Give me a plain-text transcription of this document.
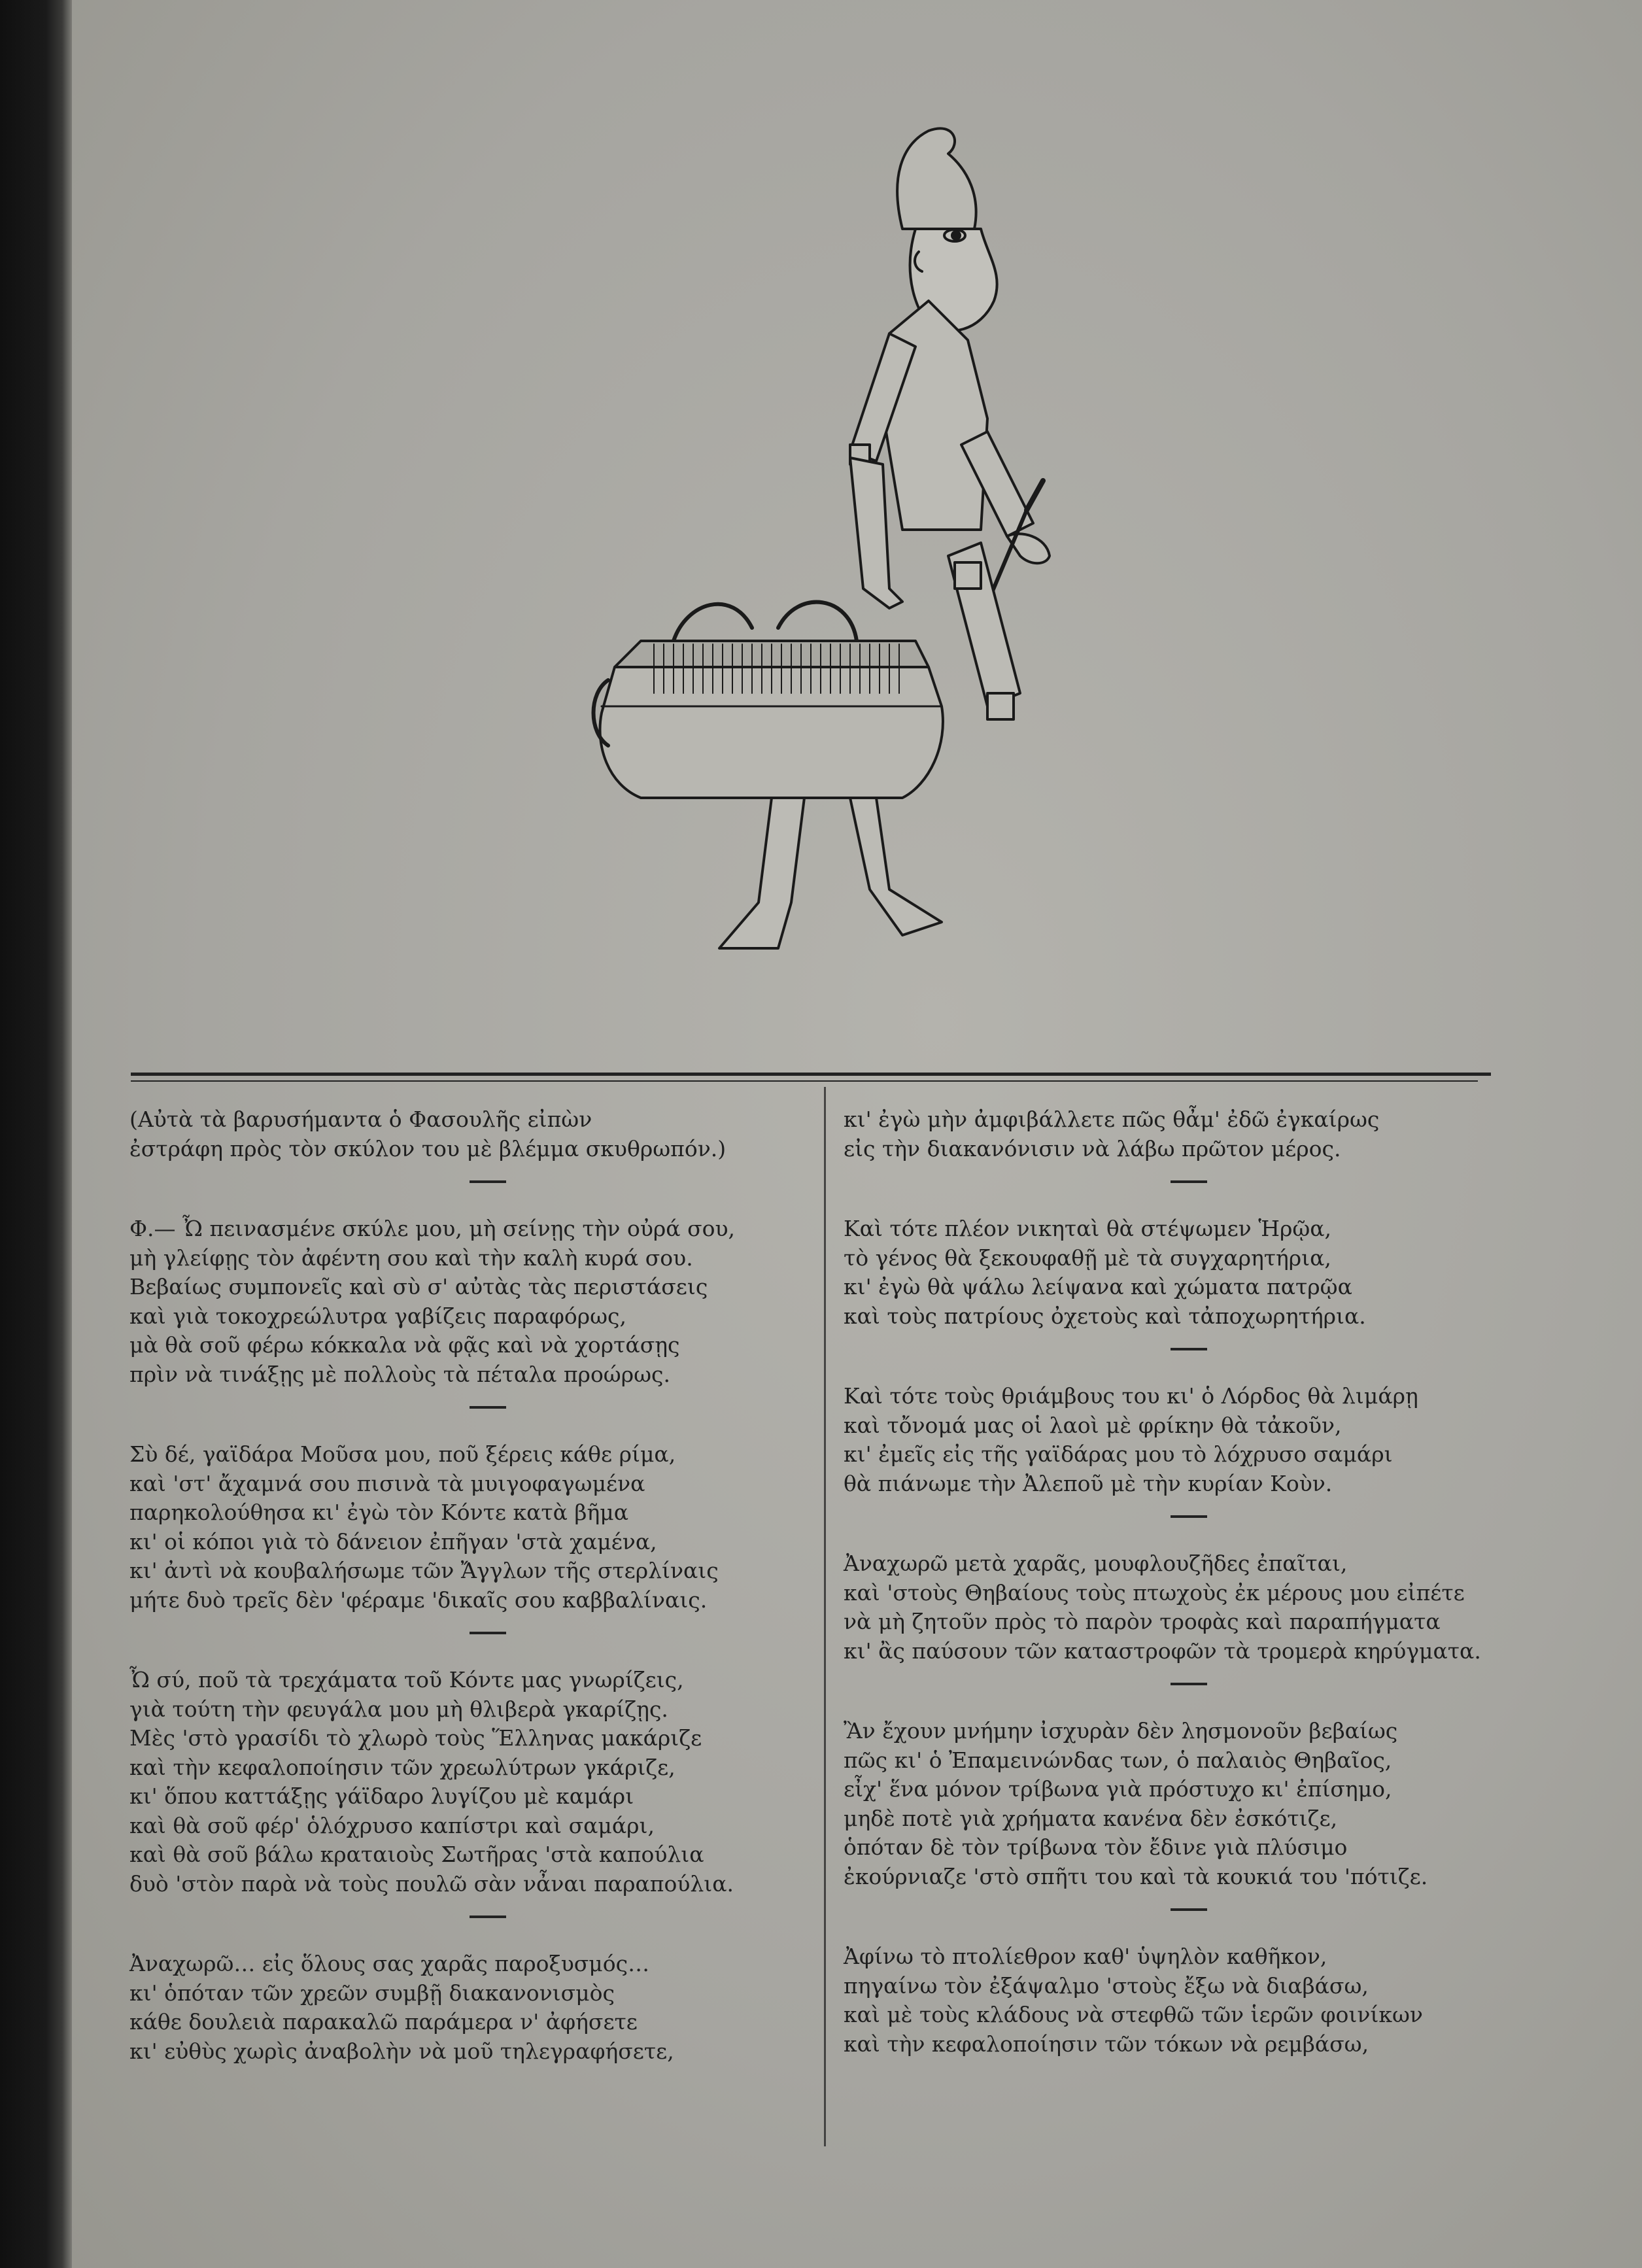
(Αὐτὰ τὰ βαρυσήμαντα ὁ Φασουλῆς εἰπὼν

ἐστράφη πρὸς τὸν σκύλον του μὲ βλέμμα σκυθρωπόν.)

Φ.— Ὦ πεινασμένε σκύλε μου, μὴ σείνῃς τὴν οὐρά σου,

μὴ γλείφῃς τὸν ἀφέντη σου καὶ τὴν καλὴ κυρά σου.

Βεβαίως συμπονεῖς καὶ σὺ σ' αὐτὰς τὰς περιστάσεις

καὶ γιὰ τοκοχρεώλυτρα γαβίζεις παραφόρως,

μὰ θὰ σοῦ φέρω κόκκαλα νὰ φᾷς καὶ νὰ χορτάσῃς

πρὶν νὰ τινάξῃς μὲ πολλοὺς τὰ πέταλα προώρως.

Σὺ δέ, γαϊδάρα Μοῦσα μου, ποῦ ξέρεις κάθε ρίμα,

καὶ 'στ' ἄχαμνά σου πισινὰ τὰ μυιγοφαγωμένα

παρηκολούθησα κι' ἐγὼ τὸν Κόντε κατὰ βῆμα

κι' οἱ κόποι γιὰ τὸ δάνειον ἐπῆγαν 'στὰ χαμένα,

κι' ἀντὶ νὰ κουβαλήσωμε τῶν Ἄγγλων τῆς στερλίναις

μήτε δυὸ τρεῖς δὲν 'φέραμε 'δικαῖς σου καββαλίναις.

Ὦ σύ, ποῦ τὰ τρεχάματα τοῦ Κόντε μας γνωρίζεις,

γιὰ τούτη τὴν φευγάλα μου μὴ θλιβερὰ γκαρίζῃς.

Μὲς 'στὸ γρασίδι τὸ χλωρὸ τοὺς Ἕλληνας μακάριζε

καὶ τὴν κεφαλοποίησιν τῶν χρεωλύτρων γκάριζε,

κι' ὅπου καττάξῃς γάϊδαρο λυγίζου μὲ καμάρι

καὶ θὰ σοῦ φέρ' ὁλόχρυσο καπίστρι καὶ σαμάρι,

καὶ θὰ σοῦ βάλω κραταιοὺς Σωτῆρας 'στὰ καπούλια

δυὸ 'στὸν παρὰ νὰ τοὺς πουλῶ σὰν νἆναι παραπούλια.

Ἀναχωρῶ… εἰς ὅλους σας χαρᾶς παροξυσμός…

κι' ὁπόταν τῶν χρεῶν συμβῇ διακανονισμὸς

κάθε δουλειὰ παρακαλῶ παράμερα ν' ἀφήσετε

κι' εὐθὺς χωρὶς ἀναβολὴν νὰ μοῦ τηλεγραφήσετε,

κι' ἐγὼ μὴν ἀμφιβάλλετε πῶς θἆμ' ἐδῶ ἐγκαίρως

εἰς τὴν διακανόνισιν νὰ λάβω πρῶτον μέρος.

Καὶ τότε πλέον νικηταὶ θὰ στέψωμεν Ἡρῷα,

τὸ γένος θὰ ξεκουφαθῇ μὲ τὰ συγχαρητήρια,

κι' ἐγὼ θὰ ψάλω λείψανα καὶ χώματα πατρῷα

καὶ τοὺς πατρίους ὀχετοὺς καὶ τἀποχωρητήρια.

Καὶ τότε τοὺς θριάμβους του κι' ὁ Λόρδος θὰ λιμάρῃ

καὶ τὄνομά μας οἱ λαοὶ μὲ φρίκην θὰ τἀκοῦν,

κι' ἐμεῖς εἰς τῆς γαϊδάρας μου τὸ λόχρυσο σαμάρι

θὰ πιάνωμε τὴν Ἀλεποῦ μὲ τὴν κυρίαν Κοὺν.

Ἀναχωρῶ μετὰ χαρᾶς, μουφλουζῆδες ἐπαῖται,

καὶ 'στοὺς Θηβαίους τοὺς πτωχοὺς ἐκ μέρους μου εἰπέτε

νὰ μὴ ζητοῦν πρὸς τὸ παρὸν τροφὰς καὶ παραπήγματα

κι' ἂς παύσουν τῶν καταστροφῶν τὰ τρομερὰ κηρύγματα.

Ἂν ἔχουν μνήμην ἰσχυρὰν δὲν λησμονοῦν βεβαίως

πῶς κι' ὁ Ἐπαμεινώνδας των, ὁ παλαιὸς Θηβαῖος,

εἶχ' ἕνα μόνον τρίβωνα γιὰ πρόστυχο κι' ἐπίσημο,

μηδὲ ποτὲ γιὰ χρήματα κανένα δὲν ἐσκότιζε,

ὁπόταν δὲ τὸν τρίβωνα τὸν ἔδινε γιὰ πλύσιμο

ἐκούρνιαζε 'στὸ σπῆτι του καὶ τὰ κουκιά του 'πότιζε.

Ἀφίνω τὸ πτολίεθρον καθ' ὑψηλὸν καθῆκον,

πηγαίνω τὸν ἐξάψαλμο 'στοὺς ἔξω νὰ διαβάσω,

καὶ μὲ τοὺς κλάδους νὰ στεφθῶ τῶν ἱερῶν φοινίκων

καὶ τὴν κεφαλοποίησιν τῶν τόκων νὰ ρεμβάσω,
